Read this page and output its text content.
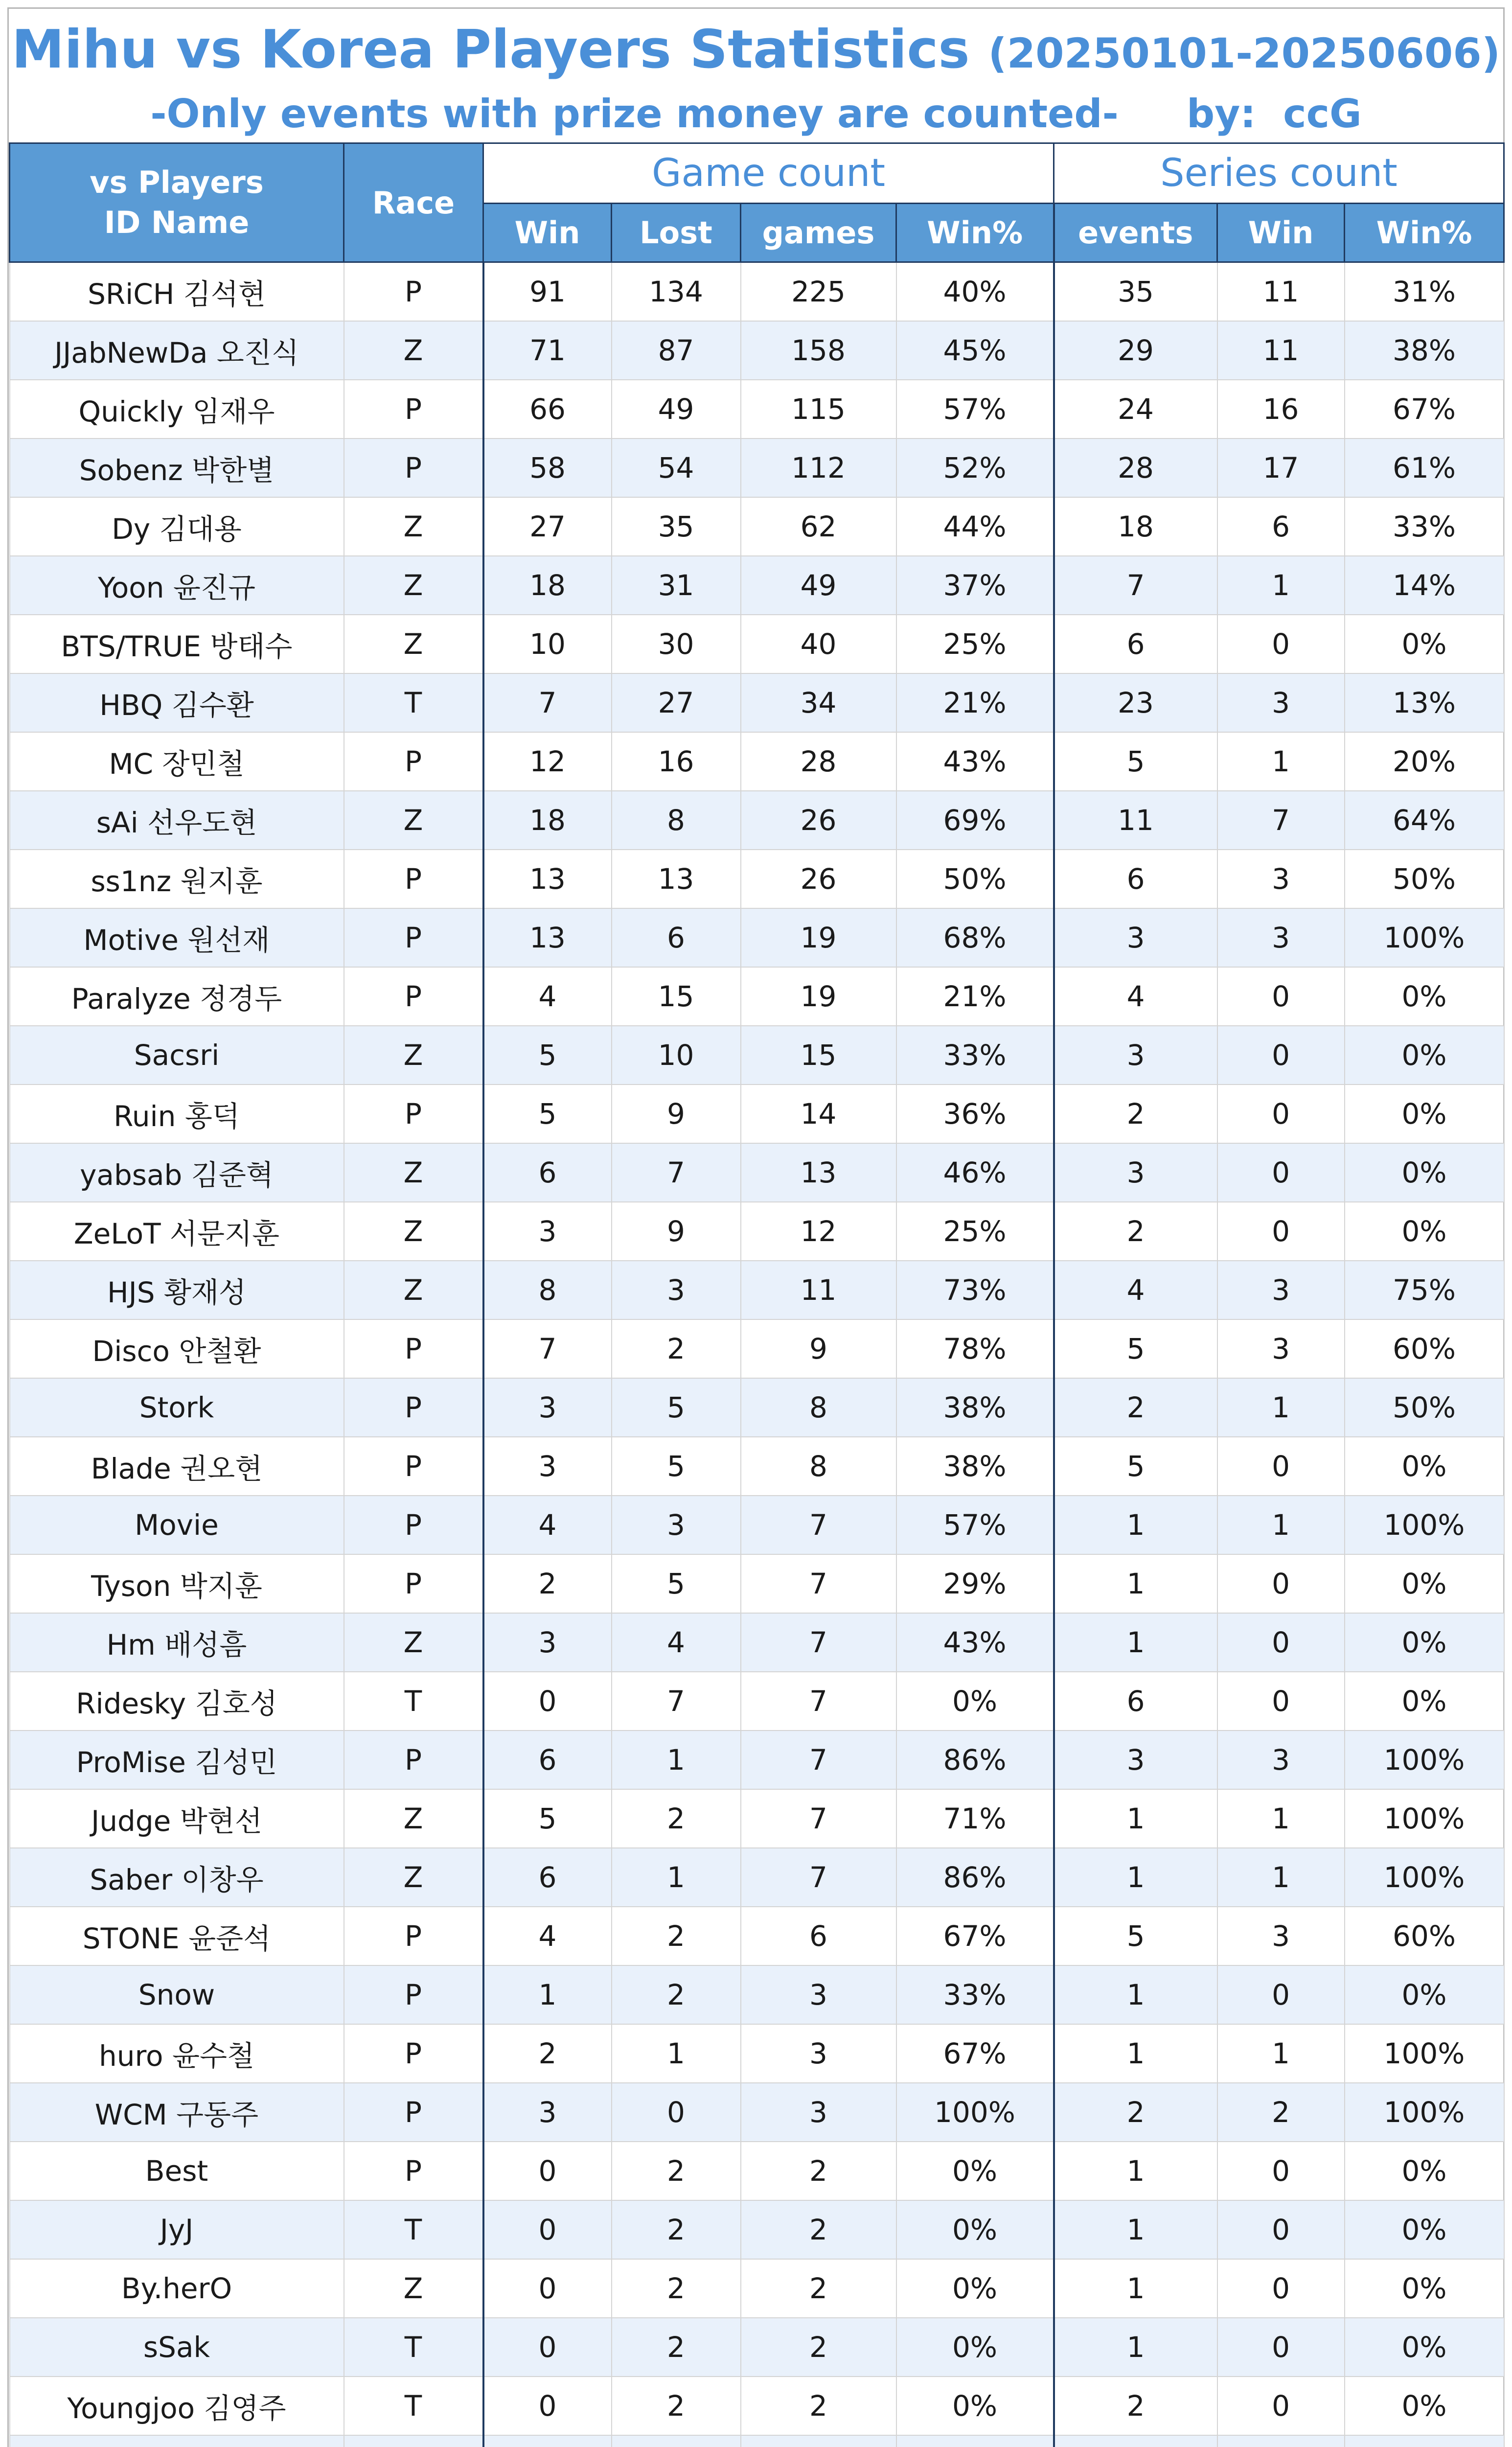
Mihu vs Korea Players Statistics (20250101-20250606)
-Only events with prize money are counted-     by:  ccG
vs Players
ID Name	Race	Game count				Series count		
		Win	Lost	games	Win%	events	Win	Win%
SRiCH 김석현	P	91	134	225	40%	35	11	31%
JJabNewDa 오진식	Z	71	87	158	45%	29	11	38%
Quickly 임재우	P	66	49	115	57%	24	16	67%
Sobenz 박한별	P	58	54	112	52%	28	17	61%
Dy 김대용	Z	27	35	62	44%	18	6	33%
Yoon 윤진규	Z	18	31	49	37%	7	1	14%
BTS/TRUE 방태수	Z	10	30	40	25%	6	0	0%
HBQ 김수환	T	7	27	34	21%	23	3	13%
MC 장민철	P	12	16	28	43%	5	1	20%
sAi 선우도현	Z	18	8	26	69%	11	7	64%
ss1nz 원지훈	P	13	13	26	50%	6	3	50%
Motive 원선재	P	13	6	19	68%	3	3	100%
Paralyze 정경두	P	4	15	19	21%	4	0	0%
Sacsri	Z	5	10	15	33%	3	0	0%
Ruin 홍덕	P	5	9	14	36%	2	0	0%
yabsab 김준혁	Z	6	7	13	46%	3	0	0%
ZeLoT 서문지훈	Z	3	9	12	25%	2	0	0%
HJS 황재성	Z	8	3	11	73%	4	3	75%
Disco 안철환	P	7	2	9	78%	5	3	60%
Stork	P	3	5	8	38%	2	1	50%
Blade 권오현	P	3	5	8	38%	5	0	0%
Movie	P	4	3	7	57%	1	1	100%
Tyson 박지훈	P	2	5	7	29%	1	0	0%
Hm 배성흠	Z	3	4	7	43%	1	0	0%
Ridesky 김호성	T	0	7	7	0%	6	0	0%
ProMise 김성민	P	6	1	7	86%	3	3	100%
Judge 박현선	Z	5	2	7	71%	1	1	100%
Saber 이창우	Z	6	1	7	86%	1	1	100%
STONE 윤준석	P	4	2	6	67%	5	3	60%
Snow	P	1	2	3	33%	1	0	0%
huro 윤수철	P	2	1	3	67%	1	1	100%
WCM 구동주	P	3	0	3	100%	2	2	100%
Best	P	0	2	2	0%	1	0	0%
JyJ	T	0	2	2	0%	1	0	0%
By.herO	Z	0	2	2	0%	1	0	0%
sSak	T	0	2	2	0%	1	0	0%
Youngjoo 김영주	T	0	2	2	0%	2	0	0%
